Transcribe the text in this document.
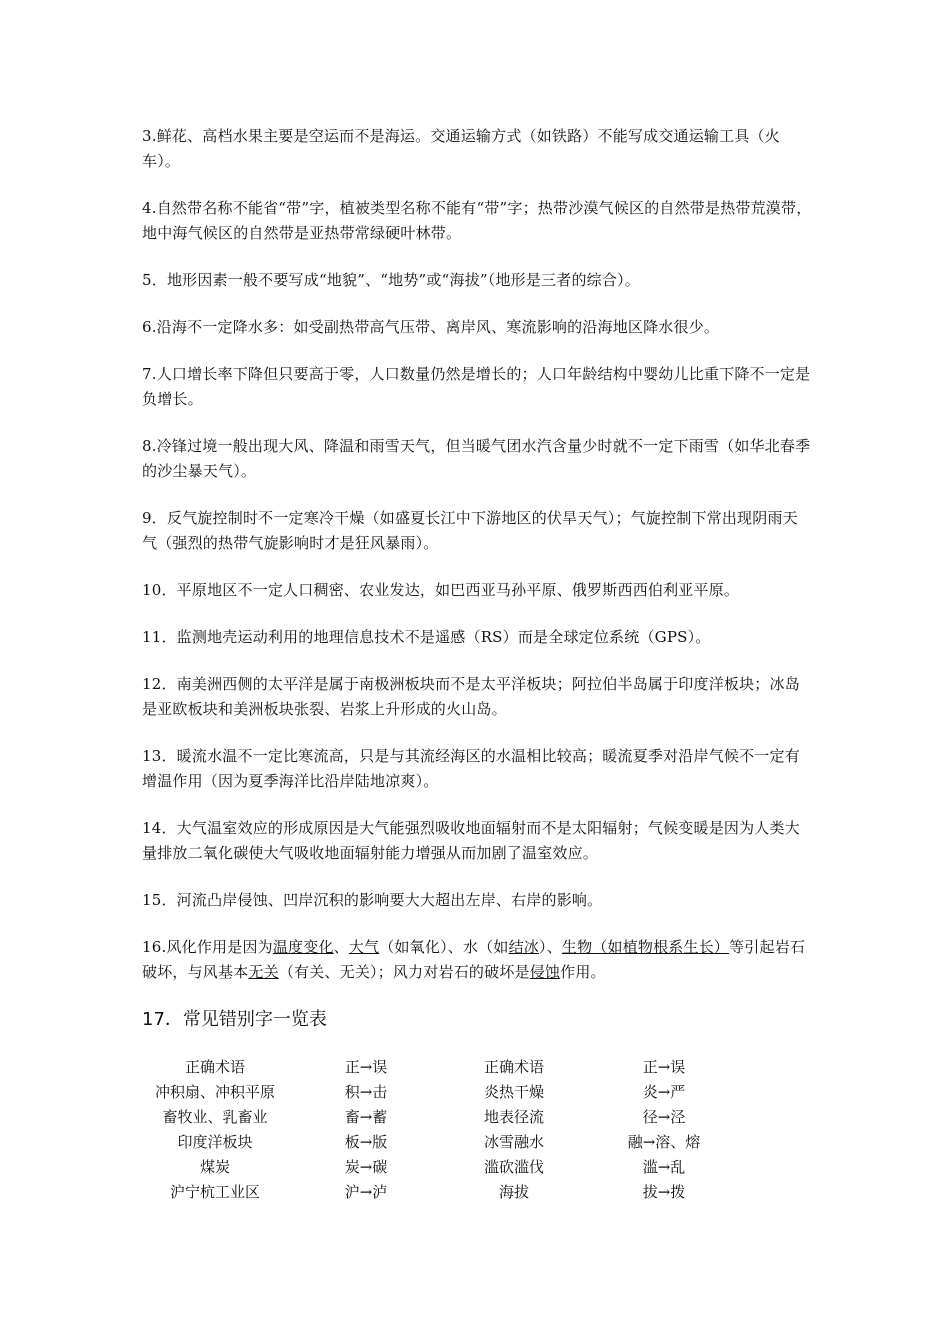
3.鲜花、高档水果主要是空运而不是海运。交通运输方式（如铁路）不能写成交通运输工具（火车）。
4.自然带名称不能省“带”字，植被类型名称不能有“带”字；热带沙漠气候区的自然带是热带荒漠带，地中海气候区的自然带是亚热带常绿硬叶林带。
5．地形因素一般不要写成“地貌”、“地势”或“海拔”（地形是三者的综合）。
6.沿海不一定降水多：如受副热带高气压带、离岸风、寒流影响的沿海地区降水很少。
7.人口增长率下降但只要高于零，人口数量仍然是增长的；人口年龄结构中婴幼儿比重下降不一定是负增长。
8.冷锋过境一般出现大风、降温和雨雪天气，但当暖气团水汽含量少时就不一定下雨雪（如华北春季的沙尘暴天气）。
9．反气旋控制时不一定寒冷干燥（如盛夏长江中下游地区的伏旱天气）；气旋控制下常出现阴雨天气（强烈的热带气旋影响时才是狂风暴雨）。
10．平原地区不一定人口稠密、农业发达，如巴西亚马孙平原、俄罗斯西西伯利亚平原。
11．监测地壳运动利用的地理信息技术不是遥感（RS）而是全球定位系统（GPS）。
12．南美洲西侧的太平洋是属于南极洲板块而不是太平洋板块；阿拉伯半岛属于印度洋板块；冰岛是亚欧板块和美洲板块张裂、岩浆上升形成的火山岛。
13．暖流水温不一定比寒流高，只是与其流经海区的水温相比较高；暖流夏季对沿岸气候不一定有增温作用（因为夏季海洋比沿岸陆地凉爽）。
14．大气温室效应的形成原因是大气能强烈吸收地面辐射而不是太阳辐射；气候变暖是因为人类大量排放二氧化碳使大气吸收地面辐射能力增强从而加剧了温室效应。
15．河流凸岸侵蚀、凹岸沉积的影响要大大超出左岸、右岸的影响。
16.风化作用是因为温度变化、大气（如氧化）、水（如结冰）、生物（如植物根系生长）等引起岩石破坏，与风基本无关（有关、无关）；风力对岩石的破坏是侵蚀作用。
17．常见错别字一览表
正确术语	正→误	正确术语	正→误
冲积扇、冲积平原	积→击	炎热干燥	炎→严
畜牧业、乳畜业	畜→蓄	地表径流	径→泾
印度洋板块	板→版	冰雪融水	融→溶、熔
煤炭	炭→碳	滥砍滥伐	滥→乱
沪宁杭工业区	沪→泸	海拔	拔→拨
